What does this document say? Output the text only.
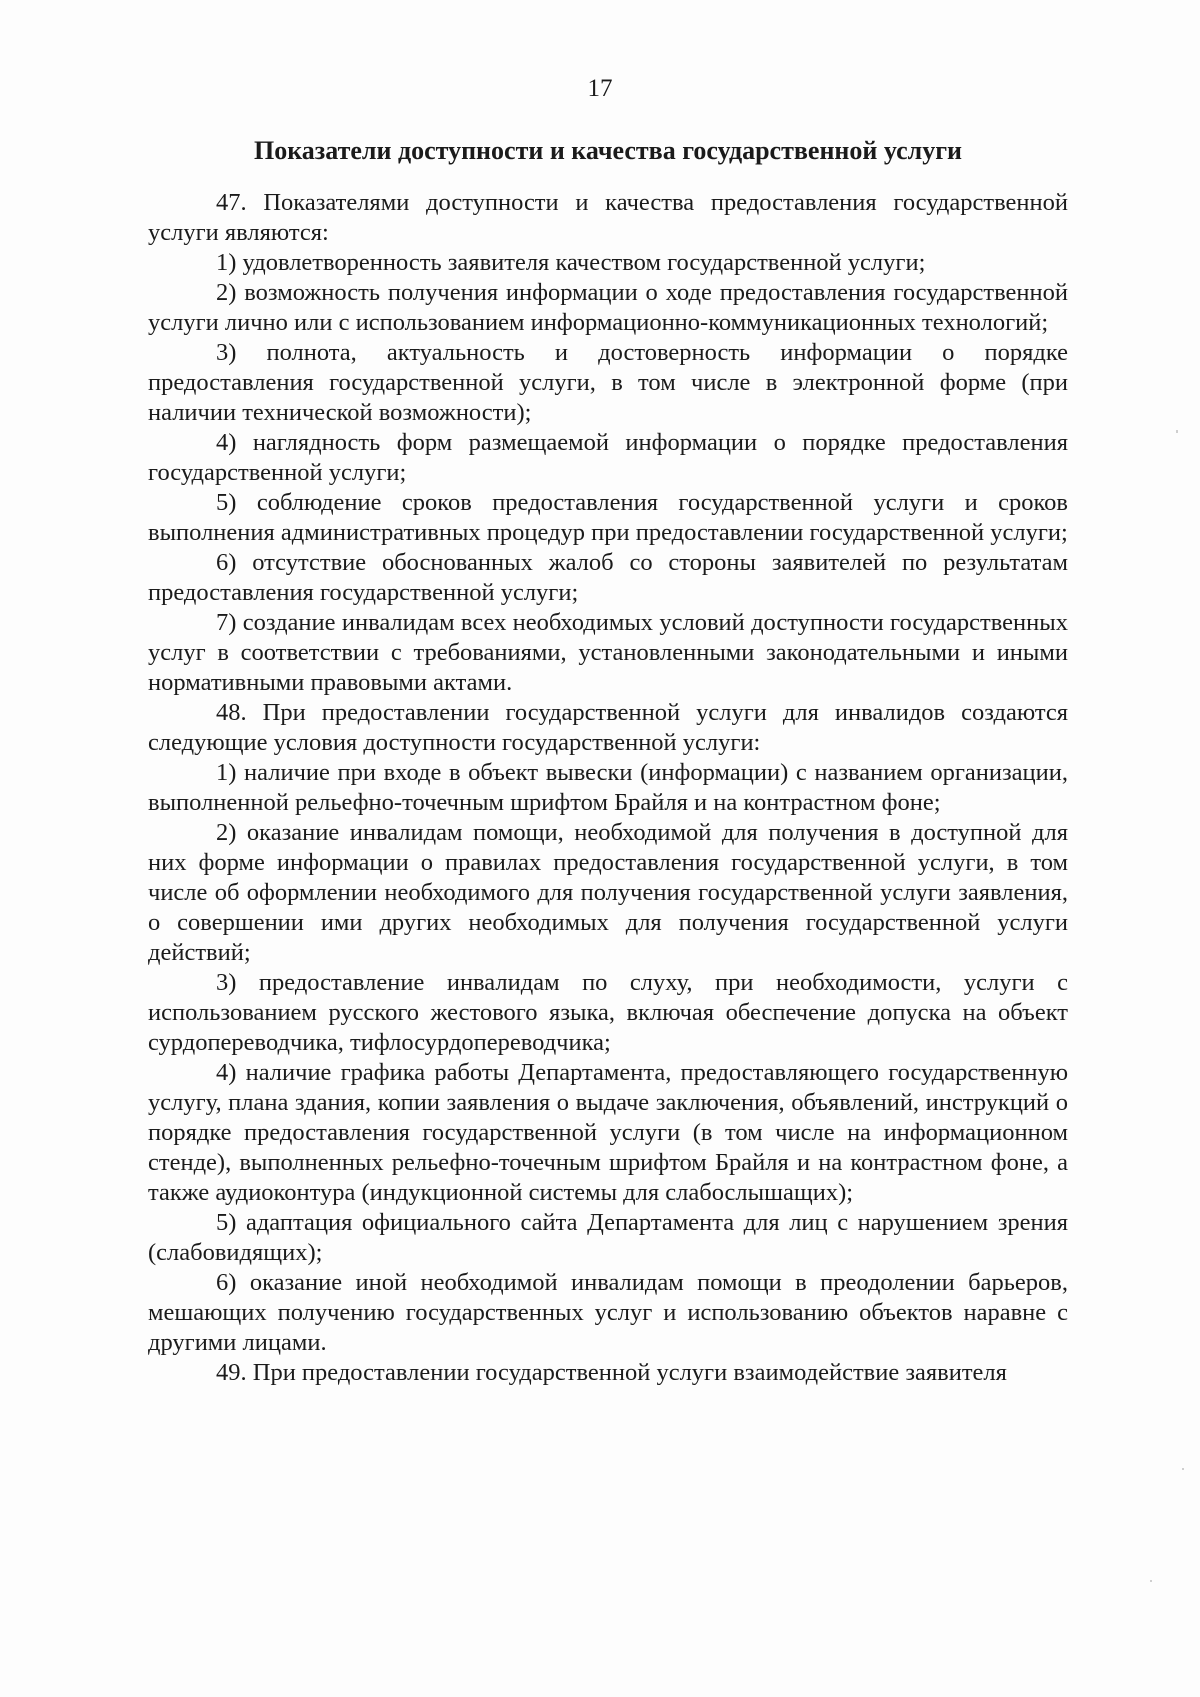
17
Показатели доступности и качества государственной услуги

47. Показателями доступности и качества предоставления государственной услуги являются:

1) удовлетворенность заявителя качеством государственной услуги;

2) возможность получения информации о ходе предоставления государственной услуги лично или с использованием информационно-коммуникационных технологий;

3) полнота, актуальность и достоверность информации о порядке предоставления государственной услуги, в том числе в электронной форме (при наличии технической возможности);

4) наглядность форм размещаемой информации о порядке предоставления государственной услуги;

5) соблюдение сроков предоставления государственной услуги и сроков выполнения административных процедур при предоставлении государственной услуги;

6) отсутствие обоснованных жалоб со стороны заявителей по результатам предоставления государственной услуги;

7) создание инвалидам всех необходимых условий доступности государственных услуг в соответствии с требованиями, установленными законодательными и иными нормативными правовыми актами.

48. При предоставлении государственной услуги для инвалидов создаются следующие условия доступности государственной услуги:

1) наличие при входе в объект вывески (информации) с названием организации, выполненной рельефно-точечным шрифтом Брайля и на контрастном фоне;

2) оказание инвалидам помощи, необходимой для получения в доступной для них форме информации о правилах предоставления государственной услуги, в том числе об оформлении необходимого для получения государственной услуги заявления, о совершении ими других необходимых для получения государственной услуги действий;

3) предоставление инвалидам по слуху, при необходимости, услуги с использованием русского жестового языка, включая обеспечение допуска на объект сурдопереводчика, тифлосурдопереводчика;

4) наличие графика работы Департамента, предоставляющего государственную услугу, плана здания, копии заявления о выдаче заключения, объявлений, инструкций о порядке предоставления государственной услуги (в том числе на информационном стенде), выполненных рельефно-точечным шрифтом Брайля и на контрастном фоне, а также аудиоконтура (индукционной системы для слабослышащих);

5) адаптация официального сайта Департамента для лиц с нарушением зрения (слабовидящих);

6) оказание иной необходимой инвалидам помощи в преодолении барьеров, мешающих получению государственных услуг и использованию объектов наравне с другими лицами.

49. При предоставлении государственной услуги взаимодействие заявителя
